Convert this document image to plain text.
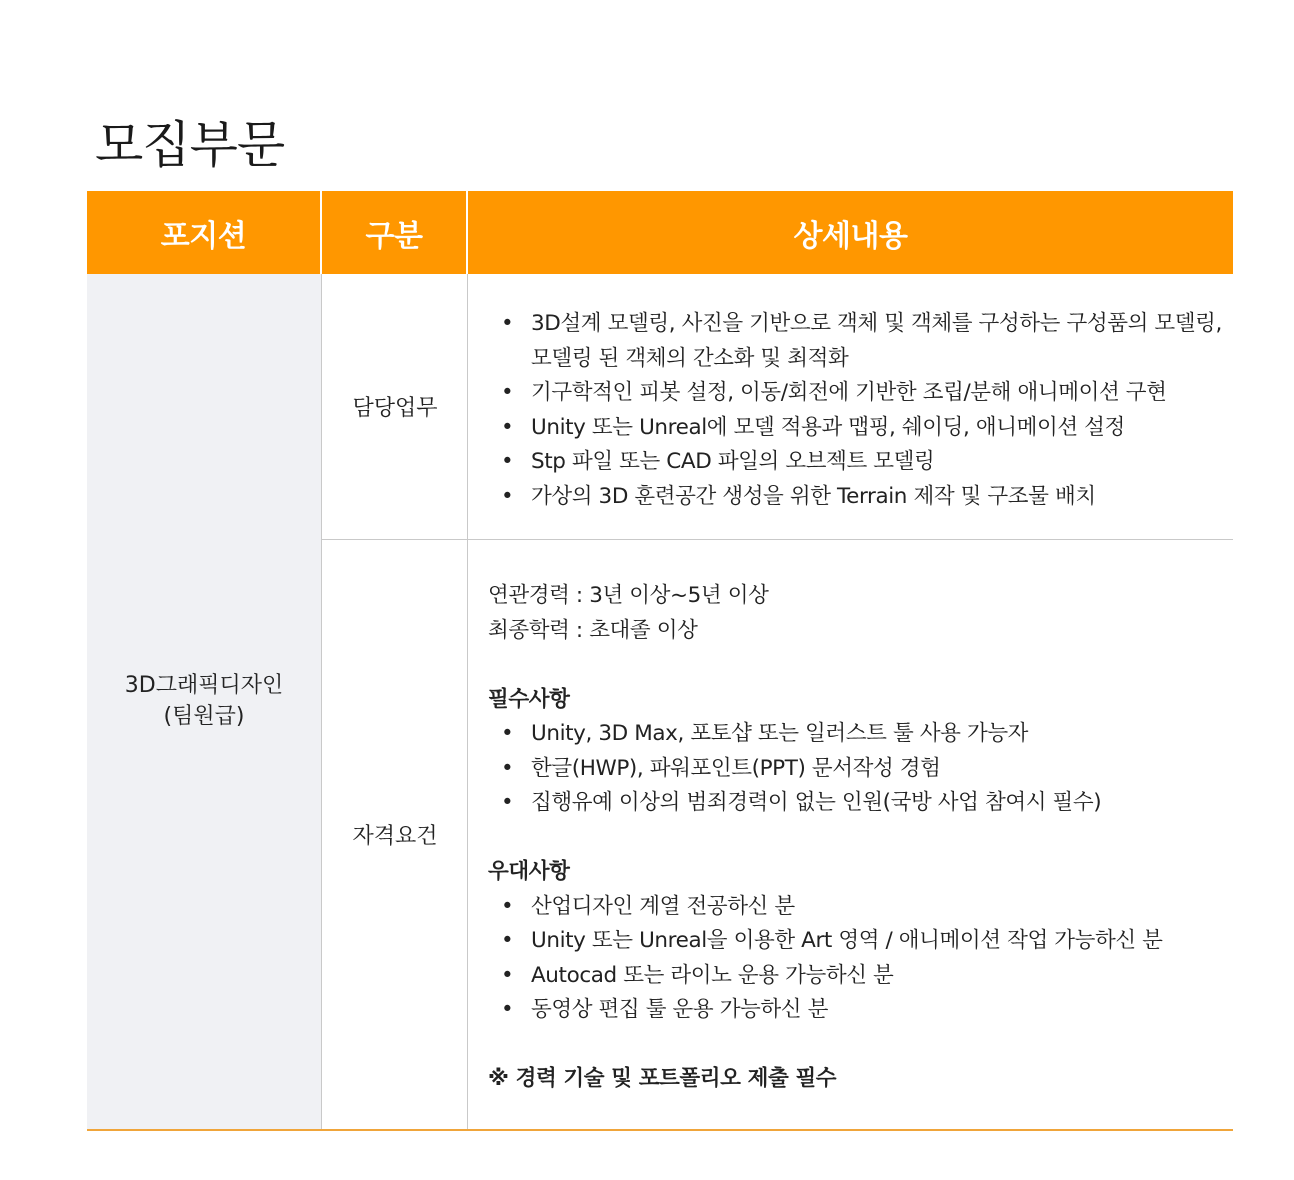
모집부문
포지션	구분	상세내용
3D그래픽디자인
(팀원급)
담당업무
자격요건
• 3D설계 모델링, 사진을 기반으로 객체 및 객체를 구성하는 구성품의 모델링, 모델링 된 객체의 간소화 및 최적화
• 기구학적인 피봇 설정, 이동/회전에 기반한 조립/분해 애니메이션 구현
• Unity 또는 Unreal에 모델 적용과 맵핑, 쉐이딩, 애니메이션 설정
• Stp 파일 또는 CAD 파일의 오브젝트 모델링
• 가상의 3D 훈련공간 생성을 위한 Terrain 제작 및 구조물 배치
연관경력 : 3년 이상~5년 이상
최종학력 : 초대졸 이상
필수사항
• Unity, 3D Max, 포토샵 또는 일러스트 툴 사용 가능자
• 한글(HWP), 파워포인트(PPT) 문서작성 경험
• 집행유예 이상의 범죄경력이 없는 인원(국방 사업 참여시 필수)
우대사항
• 산업디자인 계열 전공하신 분
• Unity 또는 Unreal을 이용한 Art 영역 / 애니메이션 작업 가능하신 분
• Autocad 또는 라이노 운용 가능하신 분
• 동영상 편집 툴 운용 가능하신 분
※ 경력 기술 및 포트폴리오 제출 필수
